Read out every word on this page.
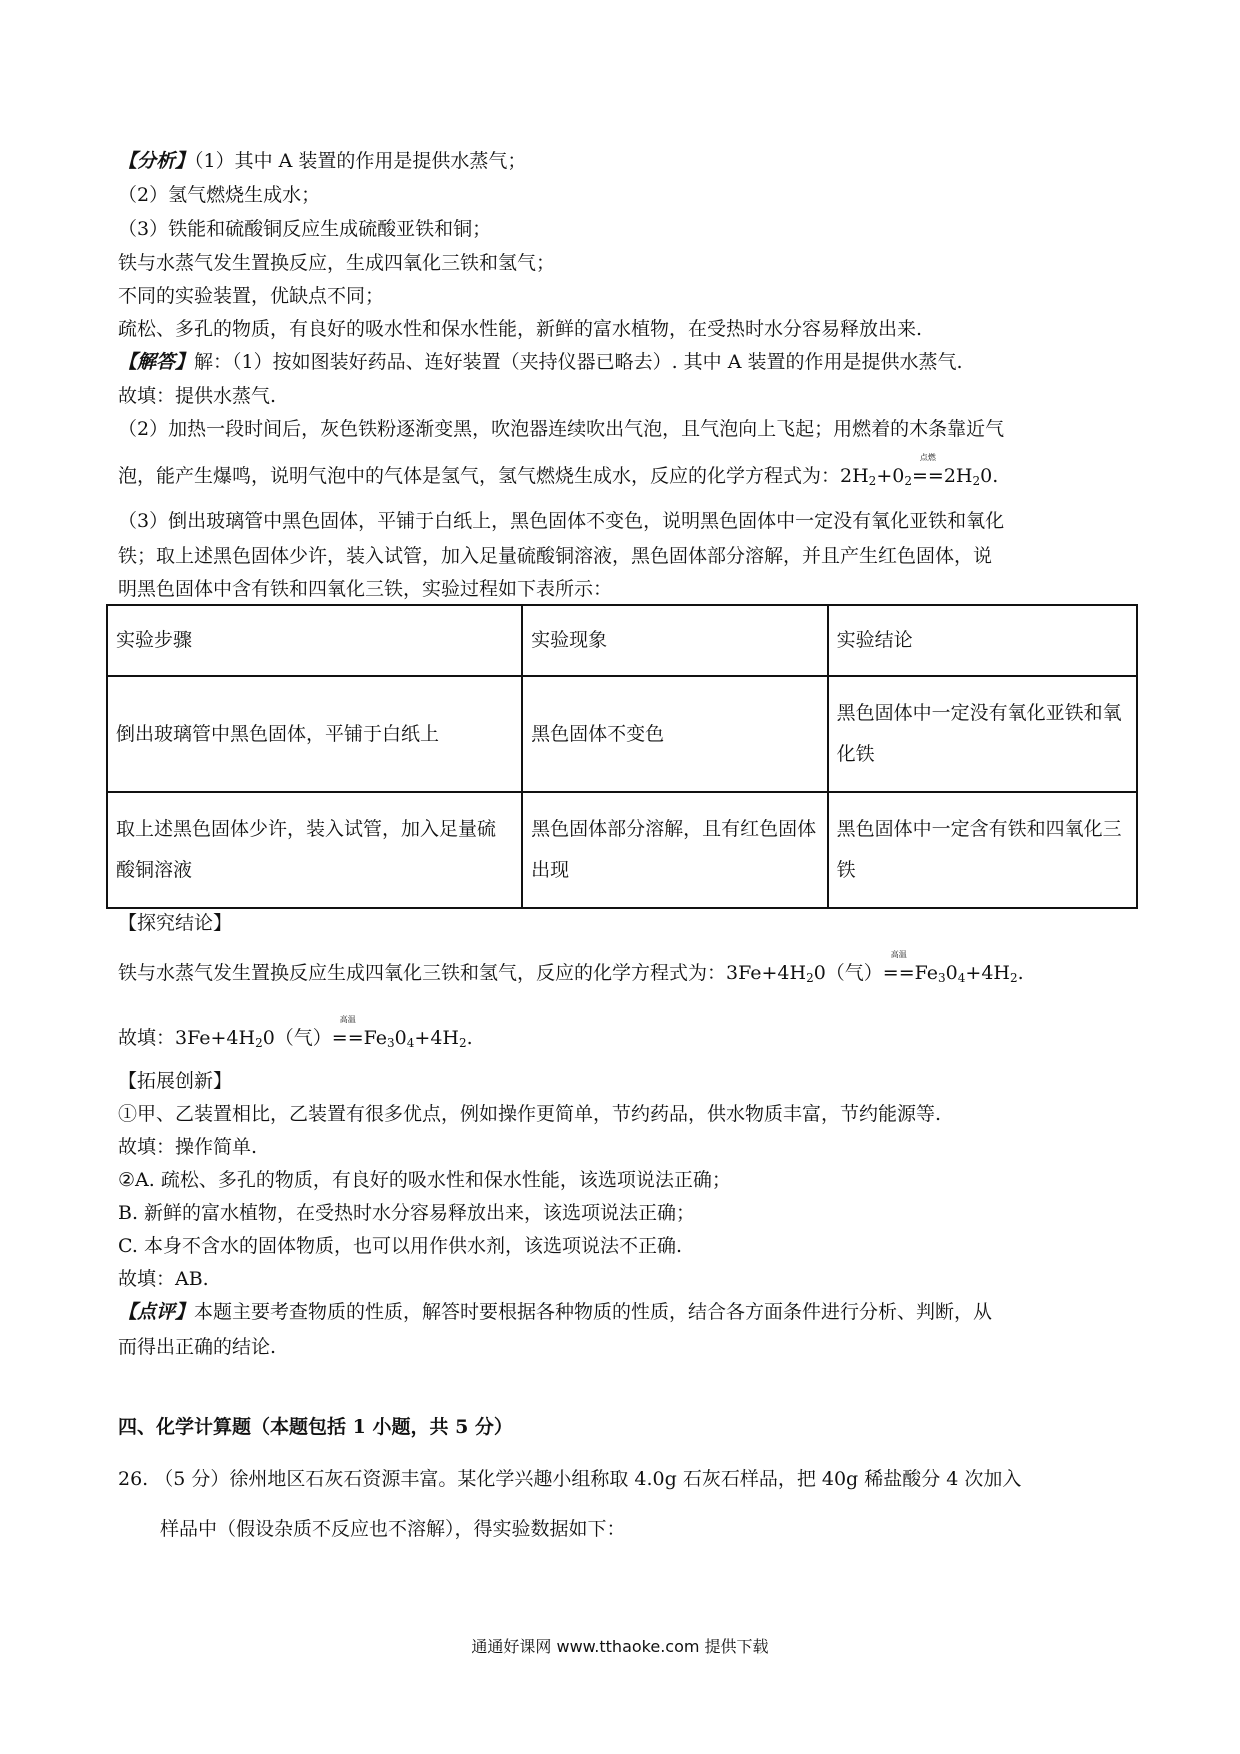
【分析】（1）其中 A 装置的作用是提供水蒸气；
（2）氢气燃烧生成水；
（3）铁能和硫酸铜反应生成硫酸亚铁和铜；
铁与水蒸气发生置换反应，生成四氧化三铁和氢气；
不同的实验装置，优缺点不同；
疏松、多孔的物质，有良好的吸水性和保水性能，新鲜的富水植物，在受热时水分容易释放出来.
【解答】解：（1）按如图装好药品、连好装置（夹持仪器已略去）. 其中 A 装置的作用是提供水蒸气.
故填：提供水蒸气.
（2）加热一段时间后，灰色铁粉逐渐变黑，吹泡器连续吹出气泡，且气泡向上飞起；用燃着的木条靠近气
泡，能产生爆鸣，说明气泡中的气体是氢气，氢气燃烧生成水，反应的化学方程式为：$2H_2+0_2$
点燃
$==2H_20$.
（3）倒出玻璃管中黑色固体，平铺于白纸上，黑色固体不变色，说明黑色固体中一定没有氧化亚铁和氧化
铁；取上述黑色固体少许，装入试管，加入足量硫酸铜溶液，黑色固体部分溶解，并且产生红色固体，说
明黑色固体中含有铁和四氧化三铁，实验过程如下表所示：
实验步骤	实验现象	实验结论
倒出玻璃管中黑色固体，平铺于白纸上	黑色固体不变色	黑色固体中一定没有氧化亚铁和氧化铁
取上述黑色固体少许，装入试管，加入足量硫酸铜溶液	黑色固体部分溶解，且有红色固体出现	黑色固体中一定含有铁和四氧化三铁
【探究结论】
铁与水蒸气发生置换反应生成四氧化三铁和氢气，反应的化学方程式为：$3Fe+4H_20$（气）
高温
$==Fe_30_4+4H_2$.
故填：$3Fe+4H_20$（气）
高温
$==Fe_30_4+4H_2$.
【拓展创新】
①甲、乙装置相比，乙装置有很多优点，例如操作更简单，节约药品，供水物质丰富，节约能源等.
故填：操作简单.
②A. 疏松、多孔的物质，有良好的吸水性和保水性能，该选项说法正确；
B. 新鲜的富水植物，在受热时水分容易释放出来，该选项说法正确；
C. 本身不含水的固体物质，也可以用作供水剂，该选项说法不正确.
故填：AB.
【点评】本题主要考查物质的性质，解答时要根据各种物质的性质，结合各方面条件进行分析、判断，从
而得出正确的结论.
四、化学计算题（本题包括 1 小题，共 5 分）
26. （5 分）徐州地区石灰石资源丰富。某化学兴趣小组称取 4.0g 石灰石样品，把 40g 稀盐酸分 4 次加入
样品中（假设杂质不反应也不溶解），得实验数据如下：
通通好课网 www.tthaoke.com 提供下载
